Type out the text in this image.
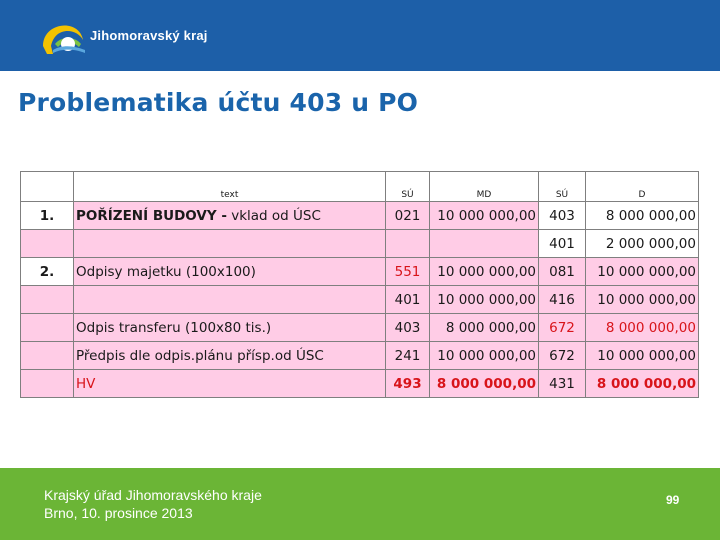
Jihomoravský kraj
Problematika účtu 403 u PO
	text	SÚ	MD	SÚ	D
1.	POŘÍZENÍ BUDOVY - vklad od ÚSC	021	10 000 000,00	403	8 000 000,00
				401	2 000 000,00
2.	Odpisy majetku (100x100)	551	10 000 000,00	081	10 000 000,00
		401	10 000 000,00	416	10 000 000,00
	Odpis transferu (100x80 tis.)	403	8 000 000,00	672	8 000 000,00
	Předpis dle odpis.plánu přísp.od ÚSC	241	10 000 000,00	672	10 000 000,00
	HV	493	8 000 000,00	431	8 000 000,00
Krajský úřad Jihomoravského kraje
Brno, 10. prosince 2013
99
